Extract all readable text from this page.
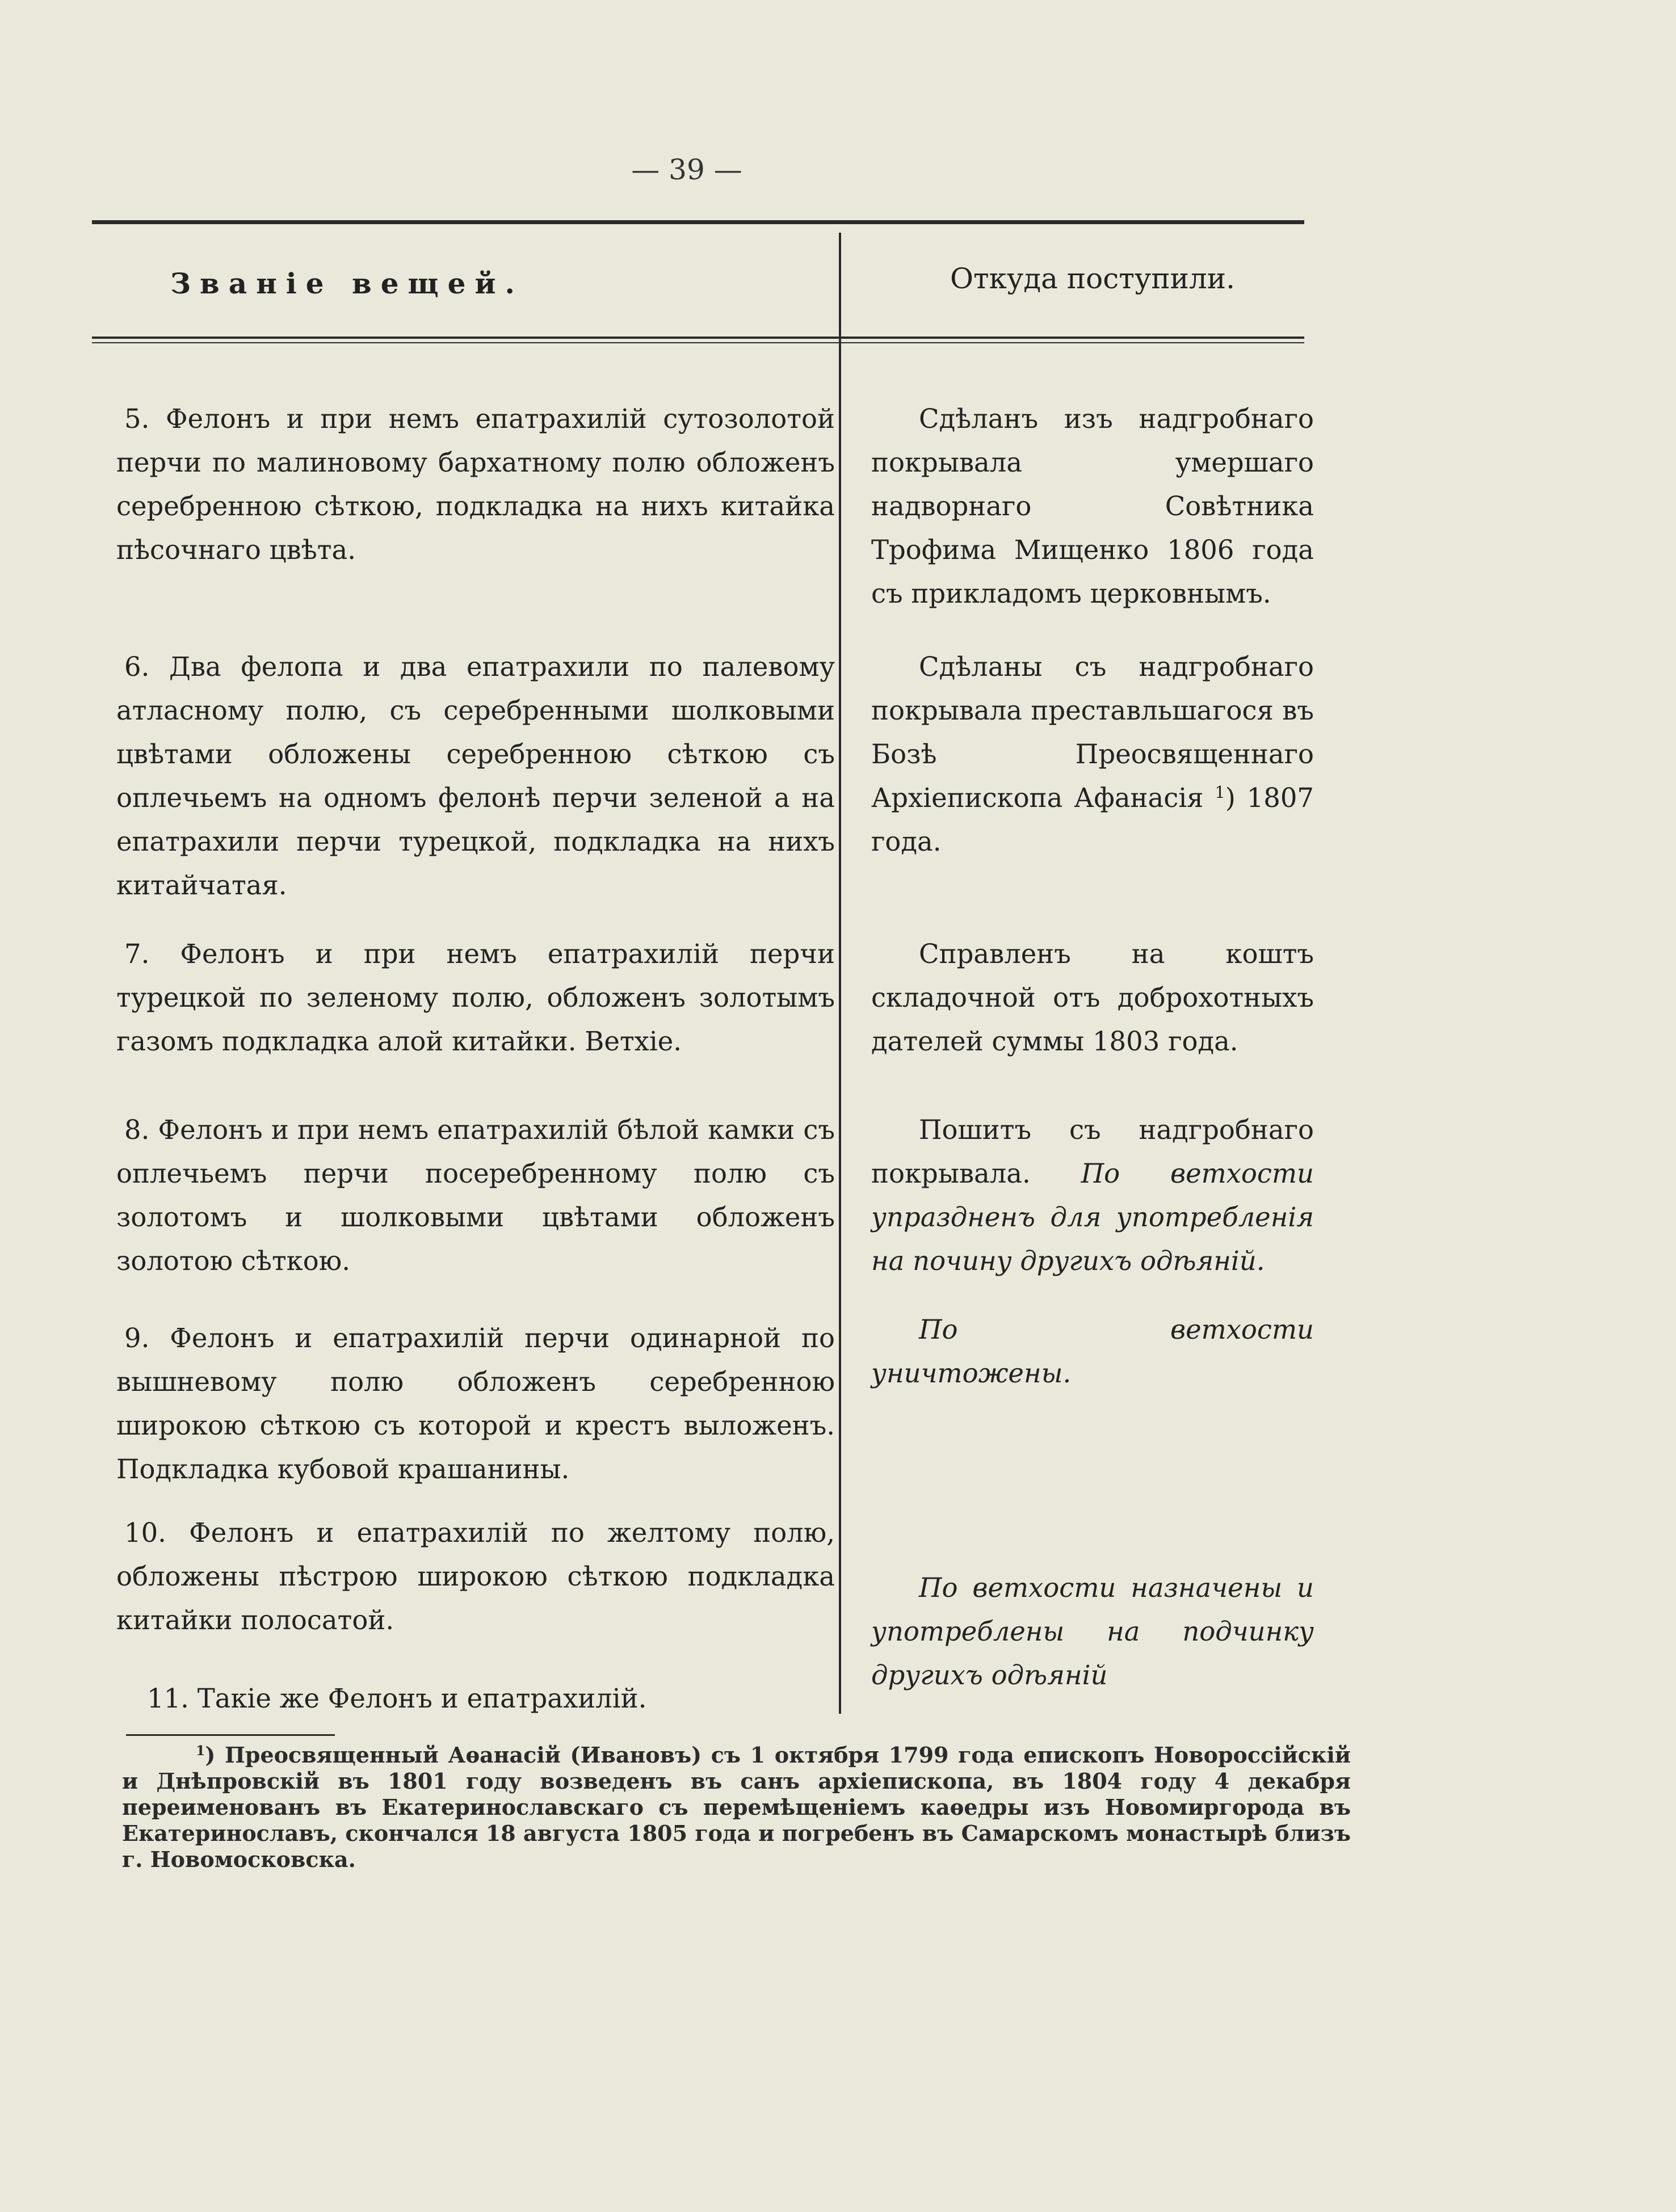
— 39 —
Званіе вещей.	Откуда поступили.

5. Фелонъ и при немъ епатрахилій сутозолотой перчи по малиновому бархатному полю обложенъ серебренною сѣткою, подкладка на нихъ китайка пѣсочнаго цвѣта.

Сдѣланъ изъ надгробнаго покрывала умершаго надворнаго Совѣтника Трофима Мищенко 1806 года съ прикладомъ церковнымъ.

6. Два фелопа и два епатрахили по палевому атласному полю, съ серебренными шолковыми цвѣтами обложены серебренною сѣткою съ оплечьемъ на одномъ фелонѣ перчи зеленой а на епатрахили перчи турецкой, подкладка на нихъ китайчатая.

Сдѣланы съ надгробнаго покрывала преставльшагося въ Бозѣ Преосвященнаго Архіепископа Афанасія $^1$) 1807 года.

7. Фелонъ и при немъ епатрахилій перчи турецкой по зеленому полю, обложенъ золотымъ газомъ подкладка алой китайки. Ветхіе.

Справленъ на коштъ складочной отъ доброхотныхъ дателей суммы 1803 года.

8. Фелонъ и при немъ епатрахилій бѣлой камки съ оплечьемъ перчи посеребренному полю съ золотомъ и шолковыми цвѣтами обложенъ золотою сѣткою.

Пошитъ съ надгробнаго покрывала. По ветхости упраздненъ для употребленія на почину другихъ одѣяній.

9. Фелонъ и епатрахилій перчи одинарной по вышневому полю обложенъ серебренною широкою сѣткою съ которой и крестъ выложенъ. Подкладка кубовой крашанины.

По ветхости уничтожены.

10. Фелонъ и епатрахилій по желтому полю, обложены пѣстрою широкою сѣткою подкладка китайки полосатой.

По ветхости назначены и употреблены на подчинку другихъ одѣяній

11. Такіе же Фелонъ и епатрахилій.

$^1$) Преосвященный Аѳанасій (Ивановъ) съ 1 октября 1799 года епископъ Новороссійскій и Днѣпровскій въ 1801 году возведенъ въ санъ архіепископа, въ 1804 году 4 декабря переименованъ въ Екатеринославскаго съ перемѣщеніемъ каѳедры изъ Новомиргорода въ Екатеринославъ, скончался 18 августа 1805 года и погребенъ въ Самарскомъ монастырѣ близъ г. Новомосковска.
